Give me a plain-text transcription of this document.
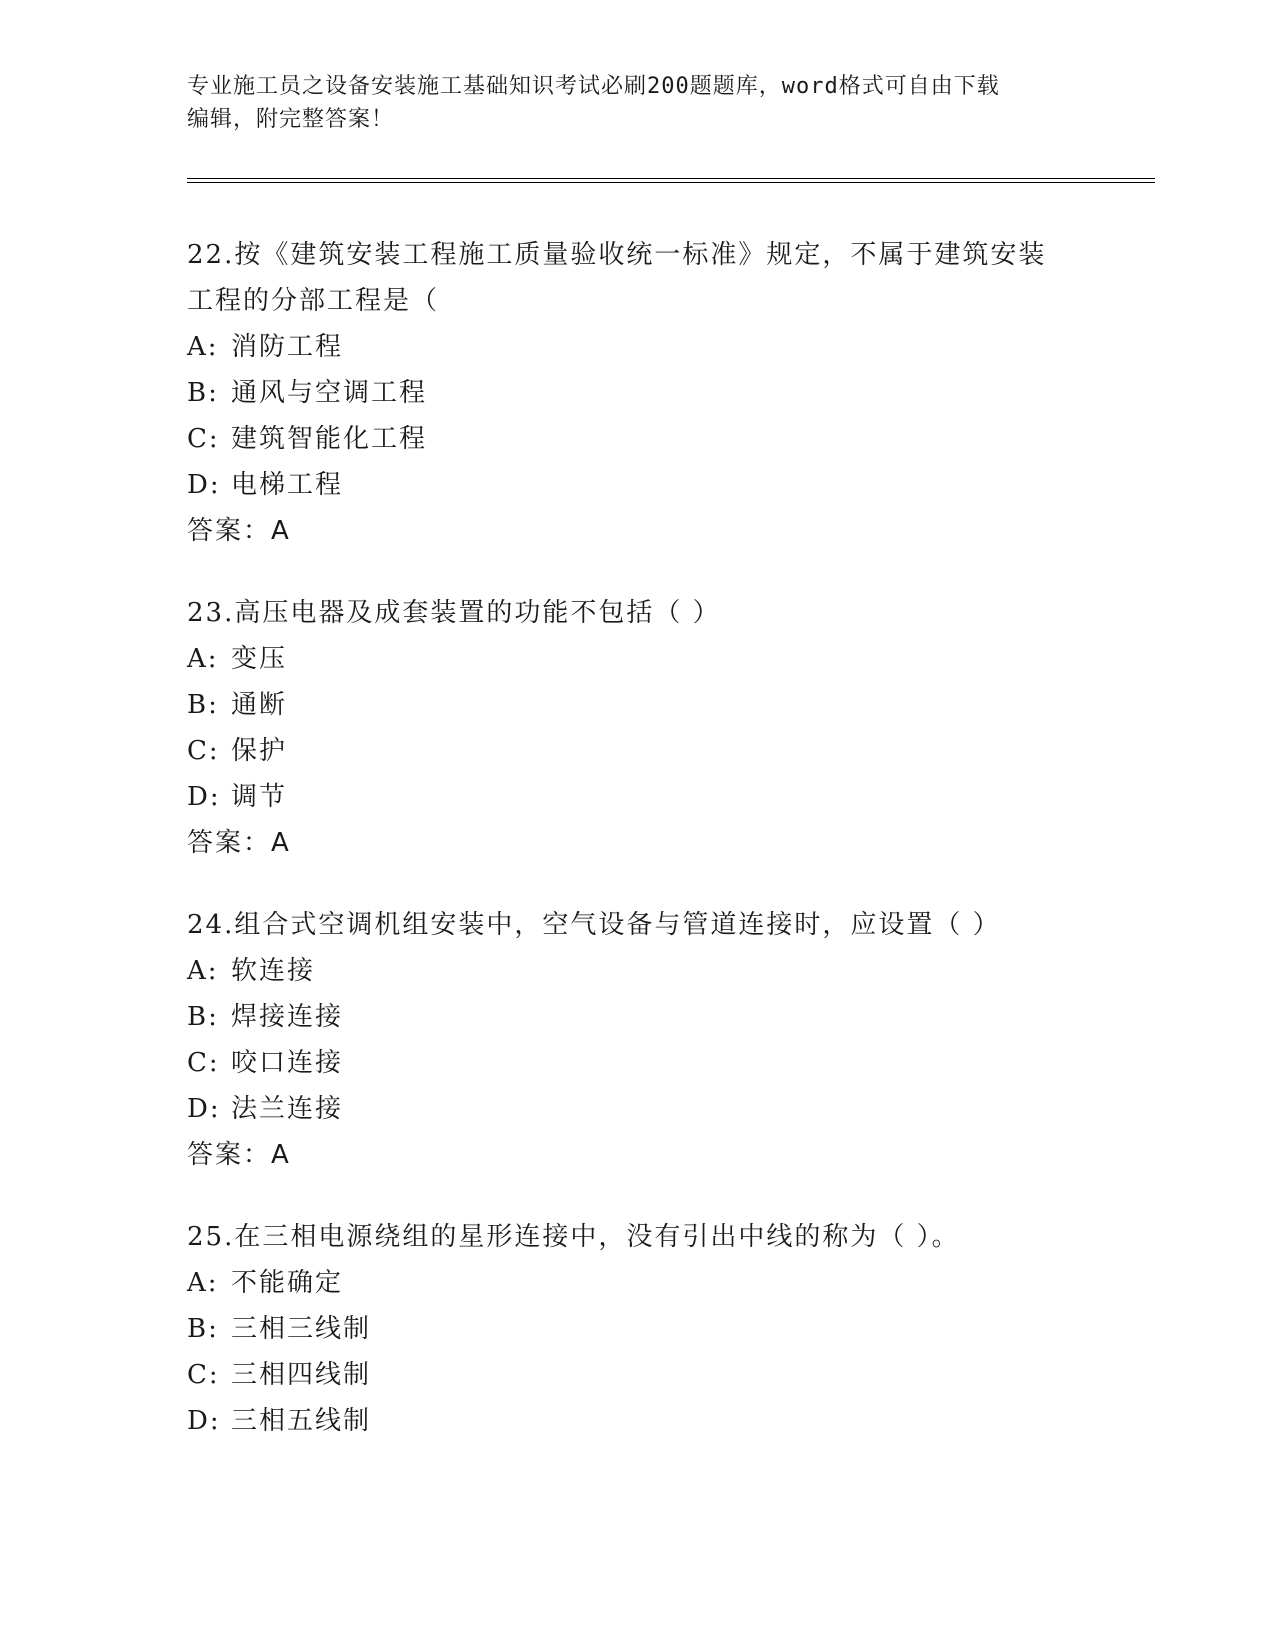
专业施工员之设备安装施工基础知识考试必刷200题题库，word格式可自由下载
编辑，附完整答案！
22.按《建筑安装工程施工质量验收统一标准》规定，不属于建筑安装
工程的分部工程是（
A: 消防工程
B: 通风与空调工程
C: 建筑智能化工程
D: 电梯工程
答案：A
23.高压电器及成套装置的功能不包括（ ）
A: 变压
B: 通断
C: 保护
D: 调节
答案：A
24.组合式空调机组安装中，空气设备与管道连接时，应设置（ ）
A: 软连接
B: 焊接连接
C: 咬口连接
D: 法兰连接
答案：A
25.在三相电源绕组的星形连接中，没有引出中线的称为（ ）。
A: 不能确定
B: 三相三线制
C: 三相四线制
D: 三相五线制
